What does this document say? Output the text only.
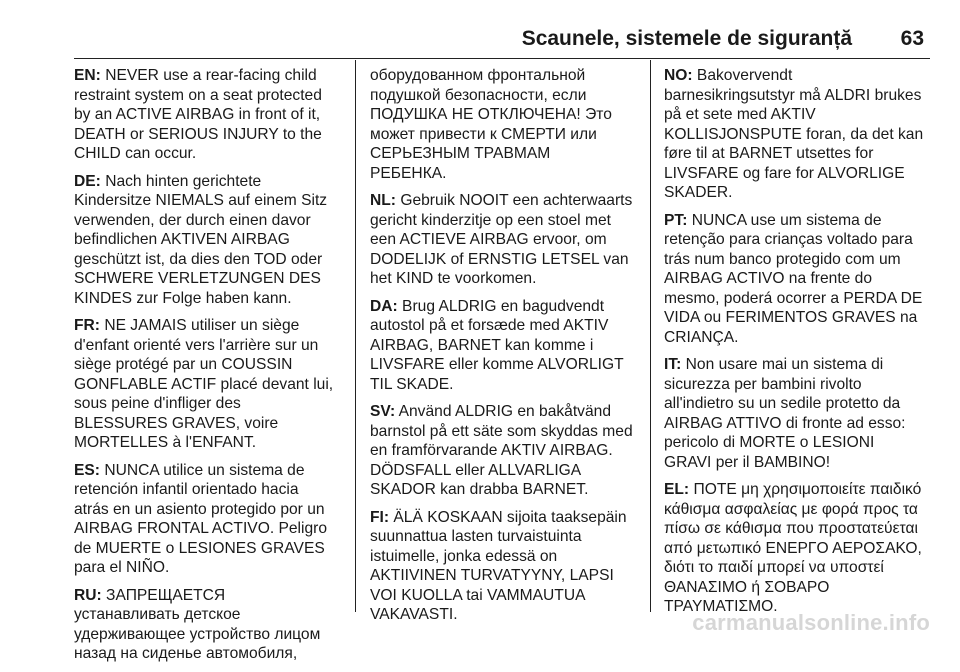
Scaunele, sistemele de siguranță 63

EN: NEVER use a rear-facing child
restraint system on a seat protected
by an ACTIVE AIRBAG in front of it,
DEATH or SERIOUS INJURY to the
CHILD can occur.

DE: Nach hinten gerichtete
Kindersitze NIEMALS auf einem Sitz
verwenden, der durch einen davor
befindlichen AKTIVEN AIRBAG
geschützt ist, da dies den TOD oder
SCHWERE VERLETZUNGEN DES
KINDES zur Folge haben kann.

FR: NE JAMAIS utiliser un siège
d'enfant orienté vers l'arrière sur un
siège protégé par un COUSSIN
GONFLABLE ACTIF placé devant lui,
sous peine d'infliger des
BLESSURES GRAVES, voire
MORTELLES à l'ENFANT.

ES: NUNCA utilice un sistema de
retención infantil orientado hacia
atrás en un asiento protegido por un
AIRBAG FRONTAL ACTIVO. Peligro
de MUERTE o LESIONES GRAVES
para el NIÑO.

RU: ЗАПРЕЩАЕТСЯ
устанавливать детское
удерживающее устройство лицом
назад на сиденье автомобиля,

оборудованном фронтальной
подушкой безопасности, если
ПОДУШКА НЕ ОТКЛЮЧЕНА! Это
может привести к СМЕРТИ или
СЕРЬЕЗНЫМ ТРАВМАМ
РЕБЕНКА.

NL: Gebruik NOOIT een achterwaarts
gericht kinderzitje op een stoel met
een ACTIEVE AIRBAG ervoor, om
DODELIJK of ERNSTIG LETSEL van
het KIND te voorkomen.

DA: Brug ALDRIG en bagudvendt
autostol på et forsæde med AKTIV
AIRBAG, BARNET kan komme i
LIVSFARE eller komme ALVORLIGT
TIL SKADE.

SV: Använd ALDRIG en bakåtvänd
barnstol på ett säte som skyddas med
en framförvarande AKTIV AIRBAG.
DÖDSFALL eller ALLVARLIGA
SKADOR kan drabba BARNET.

FI: ÄLÄ KOSKAAN sijoita taaksepäin
suunnattua lasten turvaistuinta
istuimelle, jonka edessä on
AKTIIVINEN TURVATYYNY, LAPSI
VOI KUOLLA tai VAMMAUTUA
VAKAVASTI.

NO: Bakovervendt
barnesikringsutstyr må ALDRI brukes
på et sete med AKTIV
KOLLISJONSPUTE foran, da det kan
føre til at BARNET utsettes for
LIVSFARE og fare for ALVORLIGE
SKADER.

PT: NUNCA use um sistema de
retenção para crianças voltado para
trás num banco protegido com um
AIRBAG ACTIVO na frente do
mesmo, poderá ocorrer a PERDA DE
VIDA ou FERIMENTOS GRAVES na
CRIANÇA.

IT: Non usare mai un sistema di
sicurezza per bambini rivolto
all'indietro su un sedile protetto da
AIRBAG ATTIVO di fronte ad esso:
pericolo di MORTE o LESIONI
GRAVI per il BAMBINO!

EL: ΠΟΤΕ μη χρησιμοποιείτε παιδικό
κάθισμα ασφαλείας με φορά προς τα
πίσω σε κάθισμα που προστατεύεται
από μετωπικό ΕΝΕΡΓΟ ΑΕΡΟΣΑΚΟ,
διότι το παιδί μπορεί να υποστεί
ΘΑΝΑΣΙΜΟ ή ΣΟΒΑΡΟ
ΤΡΑΥΜΑΤΙΣΜΟ.

carmanualsonline.info
